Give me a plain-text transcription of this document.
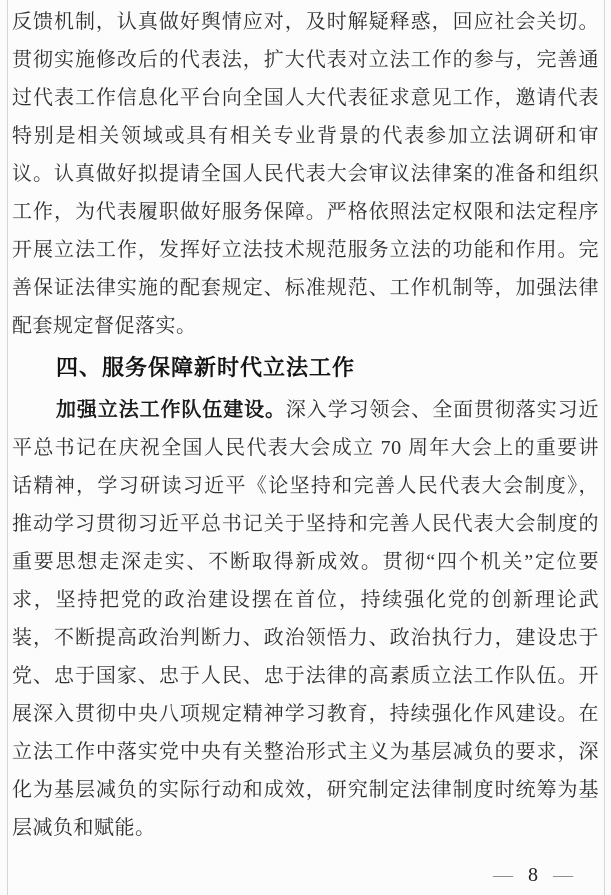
反馈机制，认真做好舆情应对，及时解疑释惑，回应社会关切。
贯彻实施修改后的代表法，扩大代表对立法工作的参与，完善通
过代表工作信息化平台向全国人大代表征求意见工作，邀请代表
特别是相关领域或具有相关专业背景的代表参加立法调研和审
议。认真做好拟提请全国人民代表大会审议法律案的准备和组织
工作，为代表履职做好服务保障。严格依照法定权限和法定程序
开展立法工作，发挥好立法技术规范服务立法的功能和作用。完
善保证法律实施的配套规定、标准规范、工作机制等，加强法律
配套规定督促落实。
四、服务保障新时代立法工作
加强立法工作队伍建设。深入学习领会、全面贯彻落实习近
平总书记在庆祝全国人民代表大会成立 70 周年大会上的重要讲
话精神，学习研读习近平《论坚持和完善人民代表大会制度》，
推动学习贯彻习近平总书记关于坚持和完善人民代表大会制度的
重要思想走深走实、不断取得新成效。贯彻“四个机关”定位要
求，坚持把党的政治建设摆在首位，持续强化党的创新理论武
装，不断提高政治判断力、政治领悟力、政治执行力，建设忠于
党、忠于国家、忠于人民、忠于法律的高素质立法工作队伍。开
展深入贯彻中央八项规定精神学习教育，持续强化作风建设。在
立法工作中落实党中央有关整治形式主义为基层减负的要求，深
化为基层减负的实际行动和成效，研究制定法律制度时统筹为基
层减负和赋能。
— 8 —
